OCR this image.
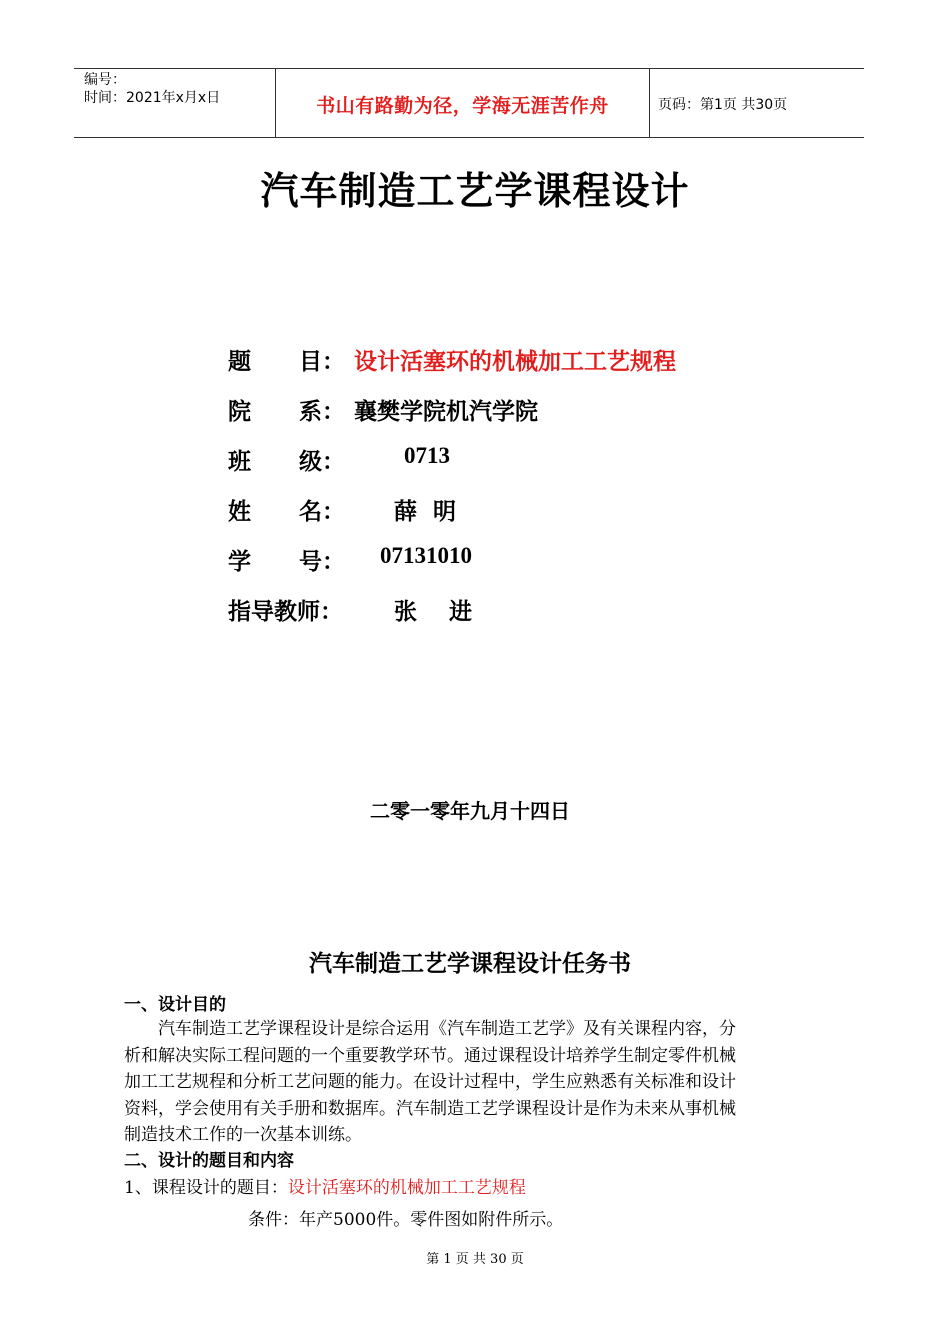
编号：
时间：2021年x月x日	书山有路勤为径，学海无涯苦作舟	页码：第1页 共30页
汽车制造工艺学课程设计
题      目： 设计活塞环的机械加工工艺规程
院      系： 襄樊学院机汽学院
班      级：	0713
姓      名： 薛  明
学      号： 07131010
指导教师： 张    进
二零一零年九月十四日
汽车制造工艺学课程设计任务书
一、设计目的

　　汽车制造工艺学课程设计是综合运用《汽车制造工艺学》及有关课程内容，分

析和解决实际工程问题的一个重要教学环节。通过课程设计培养学生制定零件机械

加工工艺规程和分析工艺问题的能力。在设计过程中，学生应熟悉有关标准和设计

资料，学会使用有关手册和数据库。汽车制造工艺学课程设计是作为未来从事机械

制造技术工作的一次基本训练。

二、设计的题目和内容
1、课程设计的题目：设计活塞环的机械加工工艺规程
条件：年产5000件。零件图如附件所示。
第 1 页 共 30 页
